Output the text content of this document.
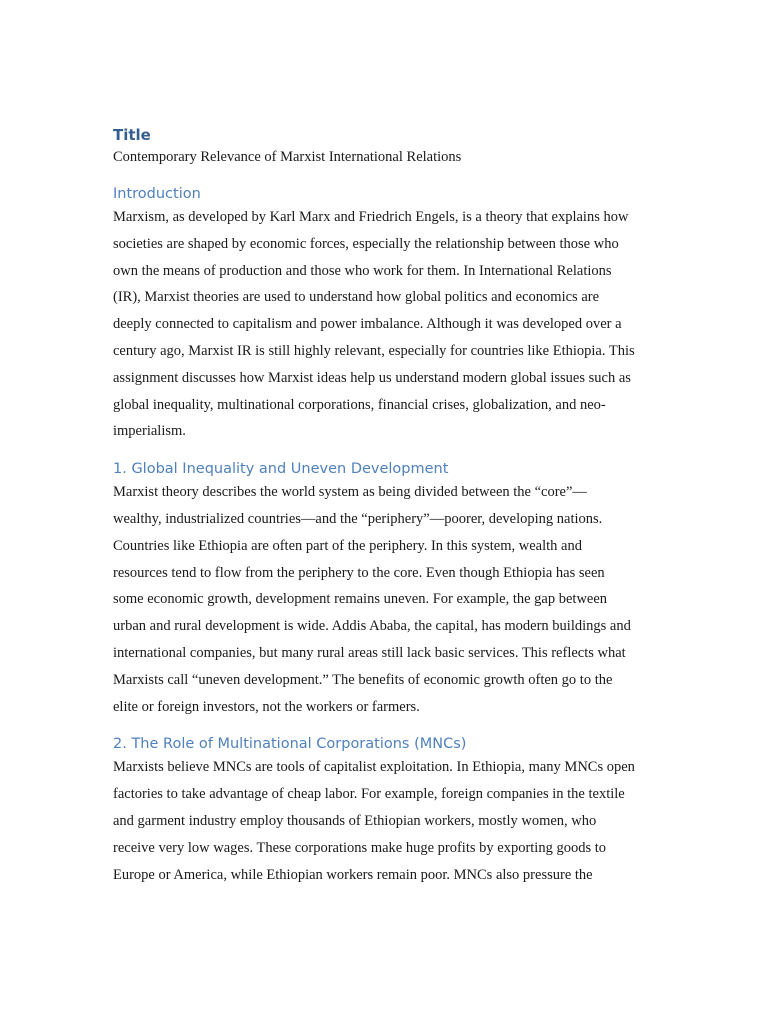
Title

Contemporary Relevance of Marxist International Relations

Introduction

Marxism, as developed by Karl Marx and Friedrich Engels, is a theory that explains how
societies are shaped by economic forces, especially the relationship between those who
own the means of production and those who work for them. In International Relations
(IR), Marxist theories are used to understand how global politics and economics are
deeply connected to capitalism and power imbalance. Although it was developed over a
century ago, Marxist IR is still highly relevant, especially for countries like Ethiopia. This
assignment discusses how Marxist ideas help us understand modern global issues such as
global inequality, multinational corporations, financial crises, globalization, and neo-
imperialism.

1. Global Inequality and Uneven Development

Marxist theory describes the world system as being divided between the “core”—
wealthy, industrialized countries—and the “periphery”—poorer, developing nations.
Countries like Ethiopia are often part of the periphery. In this system, wealth and
resources tend to flow from the periphery to the core. Even though Ethiopia has seen
some economic growth, development remains uneven. For example, the gap between
urban and rural development is wide. Addis Ababa, the capital, has modern buildings and
international companies, but many rural areas still lack basic services. This reflects what
Marxists call “uneven development.” The benefits of economic growth often go to the
elite or foreign investors, not the workers or farmers.

2. The Role of Multinational Corporations (MNCs)

Marxists believe MNCs are tools of capitalist exploitation. In Ethiopia, many MNCs open
factories to take advantage of cheap labor. For example, foreign companies in the textile
and garment industry employ thousands of Ethiopian workers, mostly women, who
receive very low wages. These corporations make huge profits by exporting goods to
Europe or America, while Ethiopian workers remain poor. MNCs also pressure the
